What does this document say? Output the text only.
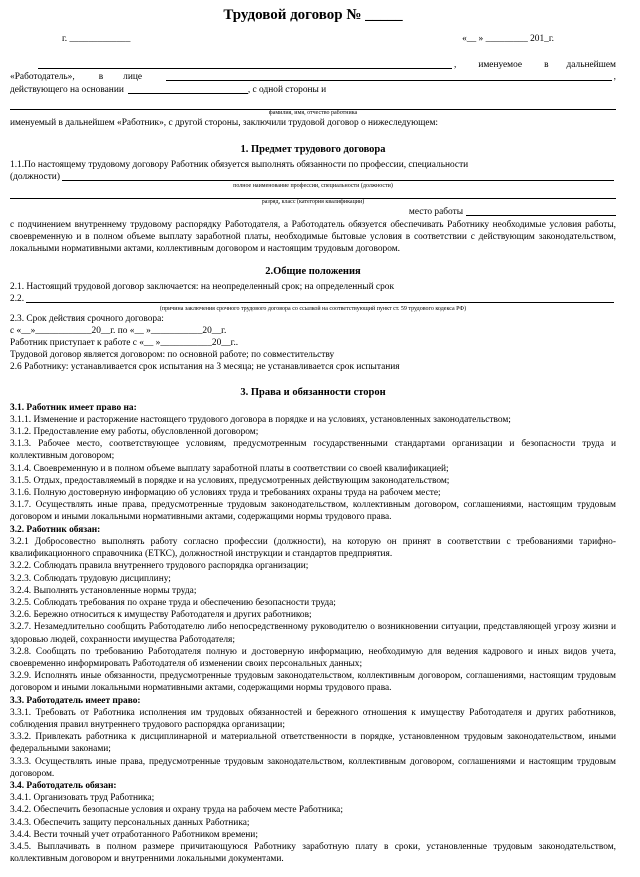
Трудовой договор № _____
г. _____________	«__ » _________ 201_г.
, именуемое в дальнейшем
«Работодатель»,	в лице	,
действующего на основании	, с одной стороны и
фамилия, имя, отчество работника
именуемый в дальнейшем «Работник», с другой стороны, заключили трудовой договор о нижеследующем:
1. Предмет трудового договора
1.1.По настоящему трудовому договору Работник обязуется выполнять обязанности по профессии, специальности
(должности)
полное наименование профессии, специальности (должности)
разряд, класс (категория квалификации)
место работы
с подчинением внутреннему трудовому распорядку Работодателя, а Работодатель обязуется обеспечивать Работнику необходимые условия работы, своевременную и в полном объеме выплату заработной платы, необходимые бытовые условия в соответствии с действующим законодательством, локальными нормативными актами, коллективным договором и настоящим трудовым договором.
2.Общие положения
2.1. Настоящий трудовой договор заключается: на неопределенный срок; на определенный срок
2.2.
(причина заключения срочного трудового договора со ссылкой на соответствующий пункт ст. 59 трудового кодекса РФ)
2.3. Срок действия срочного договора:
с «__»____________20__г. по «__ »___________20__г.
Работник приступает к работе с «__ »___________20__г..
Трудовой договор является договором: по основной работе; по совместительству
2.6 Работнику: устанавливается срок испытания на 3 месяца; не устанавливается срок испытания
3. Права и обязанности сторон
3.1. Работник имеет право на:
3.1.1. Изменение и расторжение настоящего трудового договора в порядке и на условиях, установленных законодательством;
3.1.2. Предоставление ему работы, обусловленной договором;
3.1.3. Рабочее место, соответствующее условиям, предусмотренным государственными стандартами организации и безопасности труда и коллективным договором;
3.1.4. Своевременную и в полном объеме выплату заработной платы в соответствии со своей квалификацией;
3.1.5. Отдых, предоставляемый в порядке и на условиях, предусмотренных действующим законодательством;
3.1.6. Полную достоверную информацию об условиях труда и требованиях охраны труда на рабочем месте;
3.1.7. Осуществлять иные права, предусмотренные трудовым законодательством, коллективным договором, соглашениями, настоящим трудовым договором и иными локальными нормативными актами, содержащими нормы трудового права.
3.2. Работник обязан:
3.2.1 Добросовестно выполнять работу согласно профессии (должности), на которую он принят в соответствии с требованиями тарифно-квалификационного справочника (ЕТКС), должностной инструкции и стандартов предприятия.
3.2.2. Соблюдать правила внутреннего трудового распорядка организации;
3.2.3. Соблюдать трудовую дисциплину;
3.2.4. Выполнять установленные нормы труда;
3.2.5. Соблюдать требования по охране труда и обеспечению безопасности труда;
3.2.6. Бережно относиться к имуществу Работодателя и других работников;
3.2.7. Незамедлительно сообщить Работодателю либо непосредственному руководителю о возникновении ситуации, представляющей угрозу жизни и здоровью людей, сохранности имущества Работодателя;
3.2.8. Сообщать по требованию Работодателя полную и достоверную информацию, необходимую для ведения кадрового и иных видов учета, своевременно информировать Работодателя об изменении своих персональных данных;
3.2.9. Исполнять иные обязанности, предусмотренные трудовым законодательством, коллективным договором, соглашениями, настоящим трудовым договором и иными локальными нормативными актами, содержащими нормы трудового права.
3.3. Работодатель имеет право:
3.3.1. Требовать от Работника исполнения им трудовых обязанностей и бережного отношения к имуществу Работодателя и других работников, соблюдения правил внутреннего трудового распорядка организации;
3.3.2. Привлекать работника к дисциплинарной и материальной ответственности в порядке, установленном трудовым законодательством, иными федеральными законами;
3.3.3. Осуществлять иные права, предусмотренные трудовым законодательством, коллективным договором, соглашениями и настоящим трудовым договором.
3.4. Работодатель обязан:
3.4.1. Организовать труд Работника;
3.4.2. Обеспечить безопасные условия и охрану труда на рабочем месте Работника;
3.4.3. Обеспечить защиту персональных данных Работника;
3.4.4. Вести точный учет отработанного Работником времени;
3.4.5. Выплачивать в полном размере причитающуюся Работнику заработную плату в сроки, установленные трудовым законодательством, коллективным договором и внутренними локальными документами.
